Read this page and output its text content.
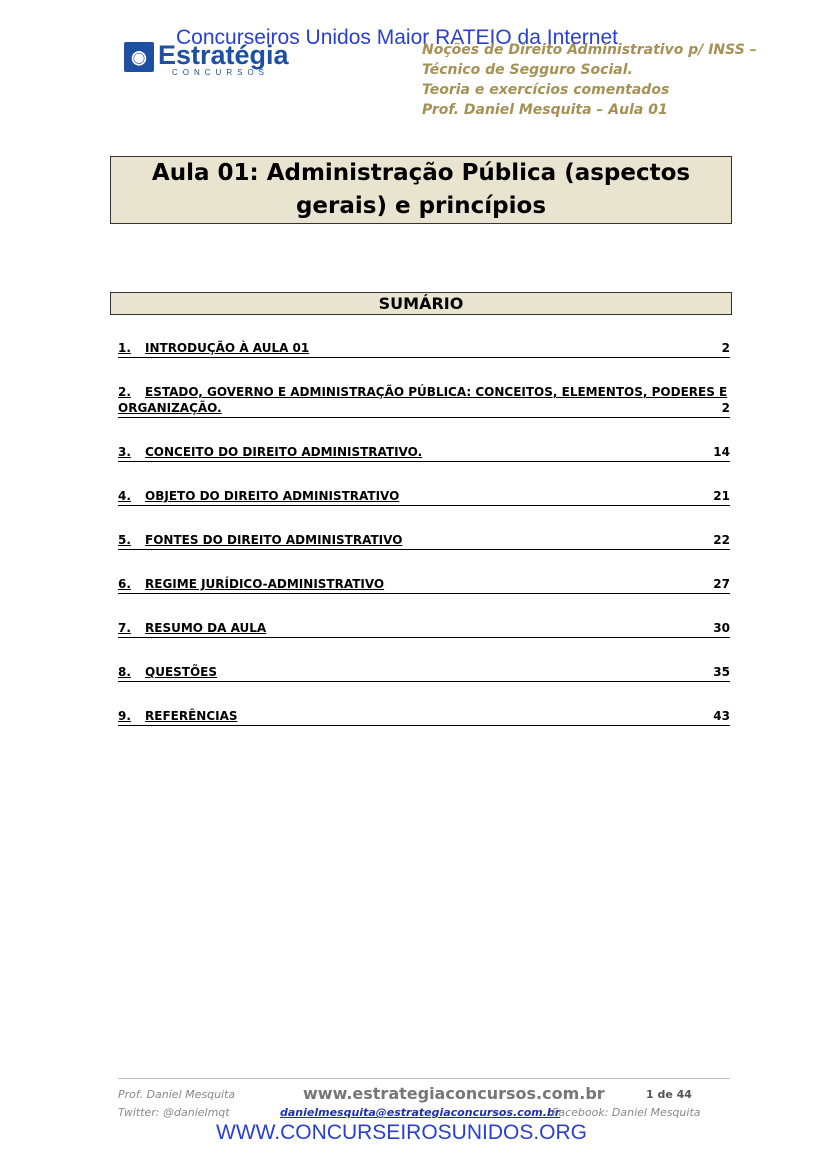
Concurseiros Unidos Maior RATEIO da Internet
◉ Estratégia
CONCURSOS
Noções de Direito Administrativo p/ INSS –
Técnico de Segguro Social.
Teoria e exercícios comentados
Prof. Daniel Mesquita – Aula 01
Aula 01: Administração Pública (aspectos gerais) e princípios
SUMÁRIO
1. INTRODUÇÃO À AULA 01	2
2. ESTADO, GOVERNO E ADMINISTRAÇÃO PÚBLICA: CONCEITOS, ELEMENTOS, PODERES E
ORGANIZAÇÃO.	2
3. CONCEITO DO DIREITO ADMINISTRATIVO.	14
4. OBJETO DO DIREITO ADMINISTRATIVO	21
5. FONTES DO DIREITO ADMINISTRATIVO	22
6. REGIME JURÍDICO-ADMINISTRATIVO	27
7. RESUMO DA AULA	30
8. QUESTÕES	35
9. REFERÊNCIAS	43
Prof. Daniel Mesquita	www.estrategiaconcursos.com.br	1 de 44
Twitter: @danielmqt	danielmesquita@estrategiaconcursos.com.br
Facebook: Daniel Mesquita
WWW.CONCURSEIROSUNIDOS.ORG
